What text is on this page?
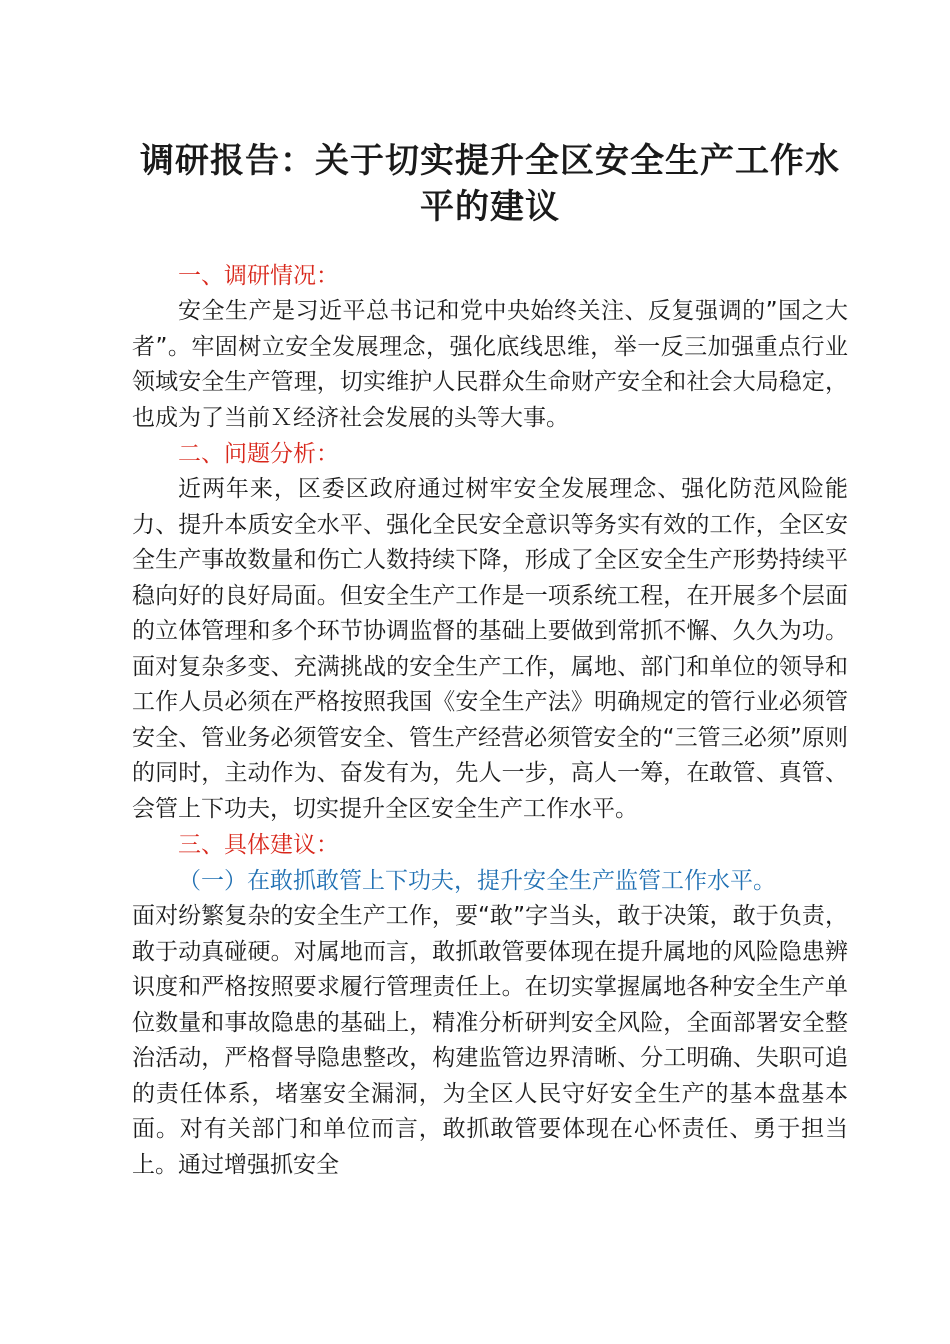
调研报告：关于切实提升全区安全生产工作水平的建议
一、调研情况：

安全生产是习近平总书记和党中央始终关注、反复强调的”国之大者”。牢固树立安全发展理念，强化底线思维，举一反三加强重点行业领域安全生产管理，切实维护人民群众生命财产安全和社会大局稳定，也成为了当前Ｘ经济社会发展的头等大事。

二、问题分析：

近两年来，区委区政府通过树牢安全发展理念、强化防范风险能力、提升本质安全水平、强化全民安全意识等务实有效的工作，全区安全生产事故数量和伤亡人数持续下降，形成了全区安全生产形势持续平稳向好的良好局面。但安全生产工作是一项系统工程，在开展多个层面的立体管理和多个环节协调监督的基础上要做到常抓不懈、久久为功。面对复杂多变、充满挑战的安全生产工作，属地、部门和单位的领导和工作人员必须在严格按照我国《安全生产法》明确规定的管行业必须管安全、管业务必须管安全、管生产经营必须管安全的“三管三必须”原则的同时，主动作为、奋发有为，先人一步，高人一筹，在敢管、真管、会管上下功夫，切实提升全区安全生产工作水平。

三、具体建议：
（一）在敢抓敢管上下功夫，提升安全生产监管工作水平。

面对纷繁复杂的安全生产工作，要“敢”字当头，敢于决策，敢于负责，敢于动真碰硬。对属地而言，敢抓敢管要体现在提升属地的风险隐患辨识度和严格按照要求履行管理责任上。在切实掌握属地各种安全生产单位数量和事故隐患的基础上，精准分析研判安全风险，全面部署安全整治活动，严格督导隐患整改，构建监管边界清晰、分工明确、失职可追的责任体系，堵塞安全漏洞，为全区人民守好安全生产的基本盘基本面。对有关部门和单位而言，敢抓敢管要体现在心怀责任、勇于担当上。通过增强抓安全
